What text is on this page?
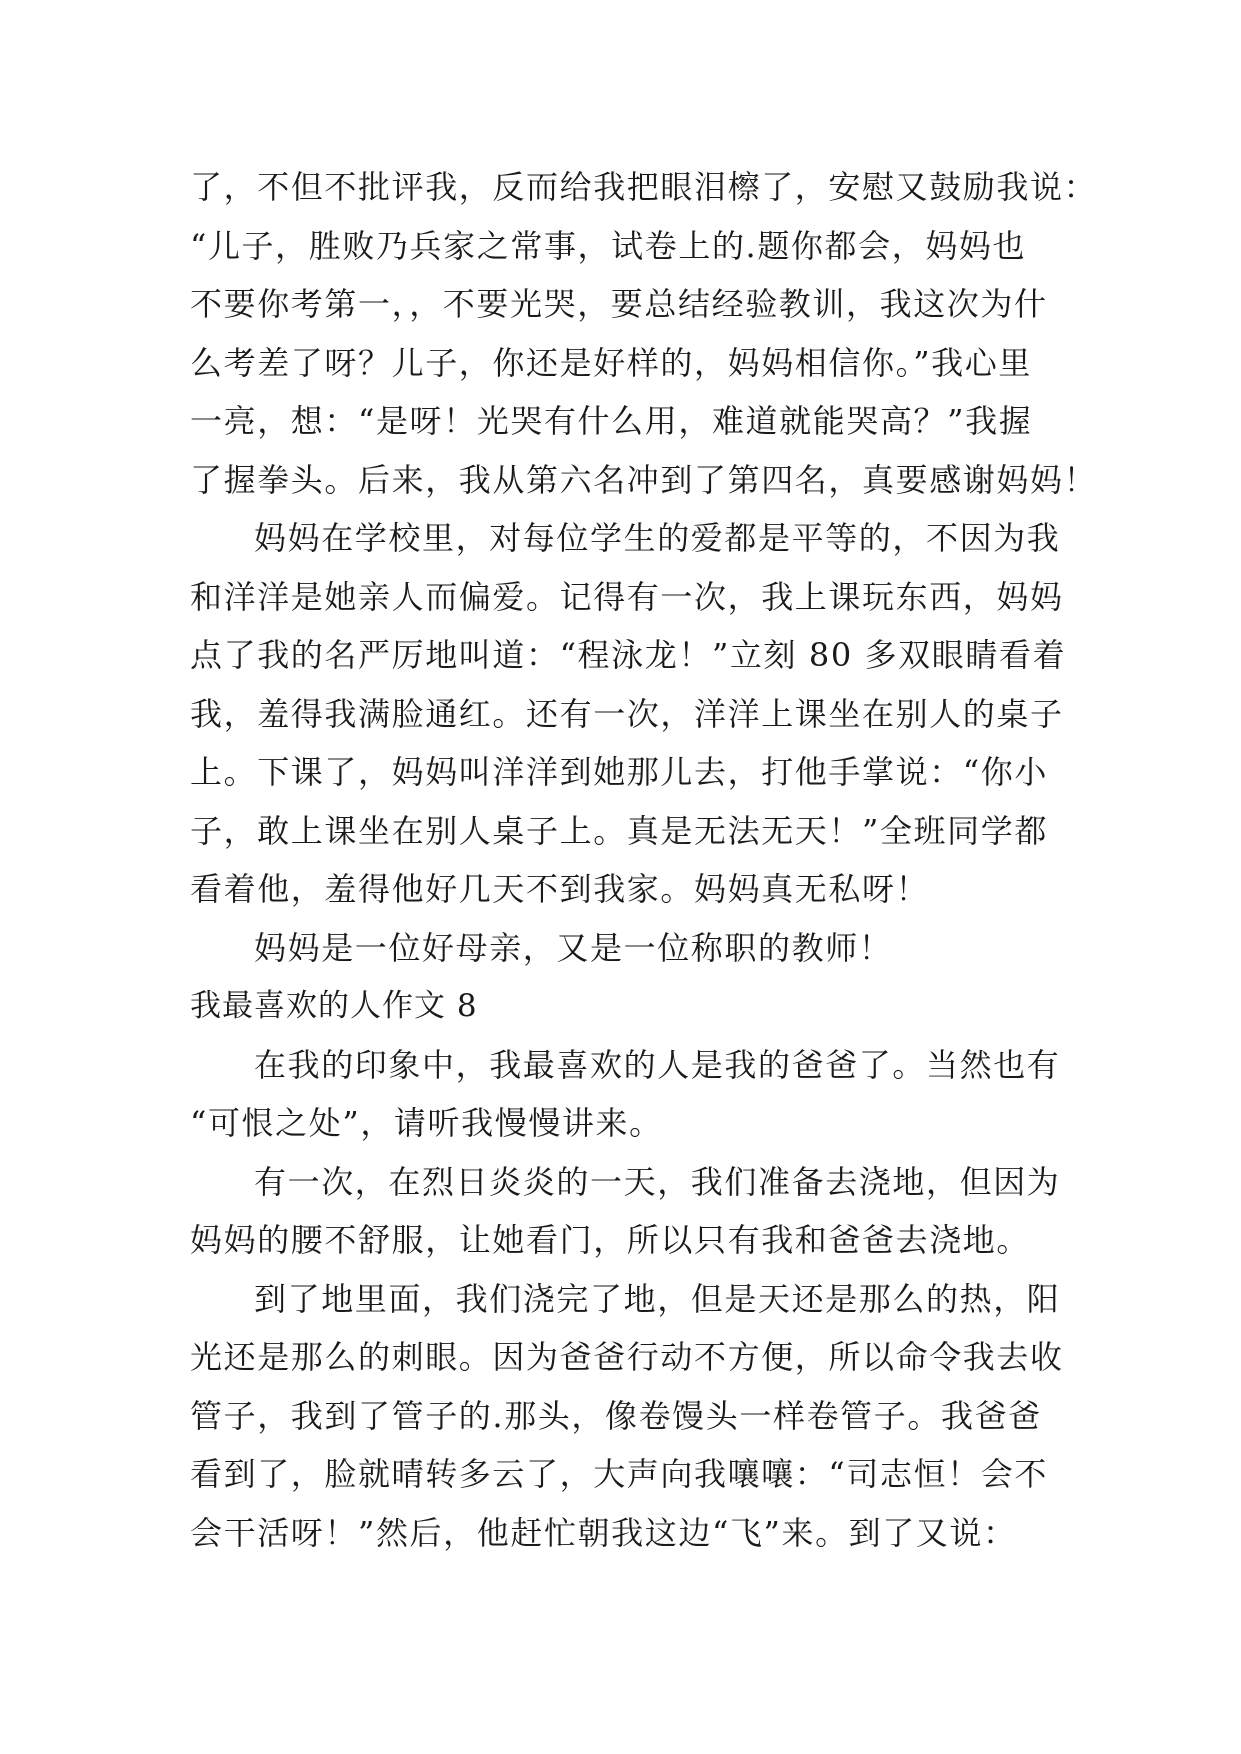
了，不但不批评我，反而给我把眼泪檫了，安慰又鼓励我说：
“儿子，胜败乃兵家之常事，试卷上的.题你都会，妈妈也
不要你考第一，，不要光哭，要总结经验教训，我这次为什
么考差了呀？儿子，你还是好样的，妈妈相信你。”我心里
一亮，想：“是呀！光哭有什么用，难道就能哭高？”我握
了握拳头。后来，我从第六名冲到了第四名，真要感谢妈妈！
妈妈在学校里，对每位学生的爱都是平等的，不因为我
和洋洋是她亲人而偏爱。记得有一次，我上课玩东西，妈妈
点了我的名严厉地叫道：“程泳龙！”立刻 80 多双眼睛看着
我，羞得我满脸通红。还有一次，洋洋上课坐在别人的桌子
上。下课了，妈妈叫洋洋到她那儿去，打他手掌说：“你小
子，敢上课坐在别人桌子上。真是无法无天！”全班同学都
看着他，羞得他好几天不到我家。妈妈真无私呀！
妈妈是一位好母亲，又是一位称职的教师！
我最喜欢的人作文 8
在我的印象中，我最喜欢的人是我的爸爸了。当然也有
“可恨之处”，请听我慢慢讲来。
有一次，在烈日炎炎的一天，我们准备去浇地，但因为
妈妈的腰不舒服，让她看门，所以只有我和爸爸去浇地。
到了地里面，我们浇完了地，但是天还是那么的热，阳
光还是那么的刺眼。因为爸爸行动不方便，所以命令我去收
管子，我到了管子的.那头，像卷馒头一样卷管子。我爸爸
看到了，脸就晴转多云了，大声向我嚷嚷：“司志恒！会不
会干活呀！”然后，他赶忙朝我这边“飞”来。到了又说：
